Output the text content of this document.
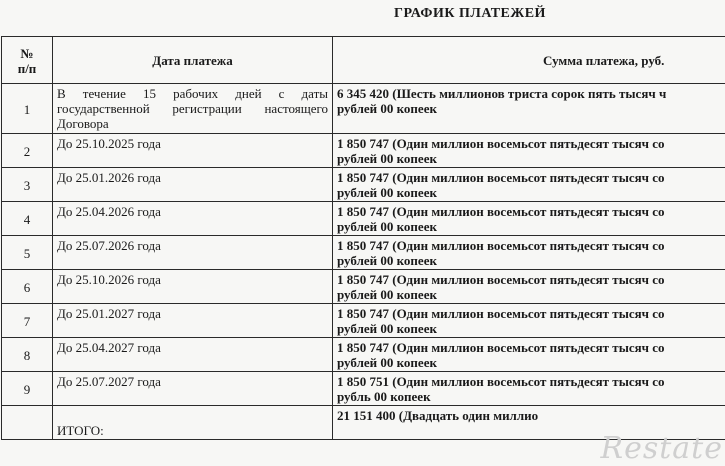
ГРАФИК ПЛАТЕЖЕЙ
№
п/п	Дата платежа	Сумма платежа, руб.
1	В течение 15 рабочих дней с даты государственной регистрации настоящего Договора	6 345 420 (Шесть миллионов триста сорок пять тысяч ч
рублей 00 копеек
2	До 25.10.2025 года	1 850 747 (Один миллион восемьсот пятьдесят тысяч со
рублей 00 копеек
3	До 25.01.2026 года	1 850 747 (Один миллион восемьсот пятьдесят тысяч со
рублей 00 копеек
4	До 25.04.2026 года	1 850 747 (Один миллион восемьсот пятьдесят тысяч со
рублей 00 копеек
5	До 25.07.2026 года	1 850 747 (Один миллион восемьсот пятьдесят тысяч со
рублей 00 копеек
6	До 25.10.2026 года	1 850 747 (Один миллион восемьсот пятьдесят тысяч со
рублей 00 копеек
7	До 25.01.2027 года	1 850 747 (Один миллион восемьсот пятьдесят тысяч со
рублей 00 копеек
8	До 25.04.2027 года	1 850 747 (Один миллион восемьсот пятьдесят тысяч со
рублей 00 копеек
9	До 25.07.2027 года	1 850 751 (Один миллион восемьсот пятьдесят тысяч со
рубль 00 копеек
	ИТОГО:	21 151 400 (Двадцать один миллио
Restate
